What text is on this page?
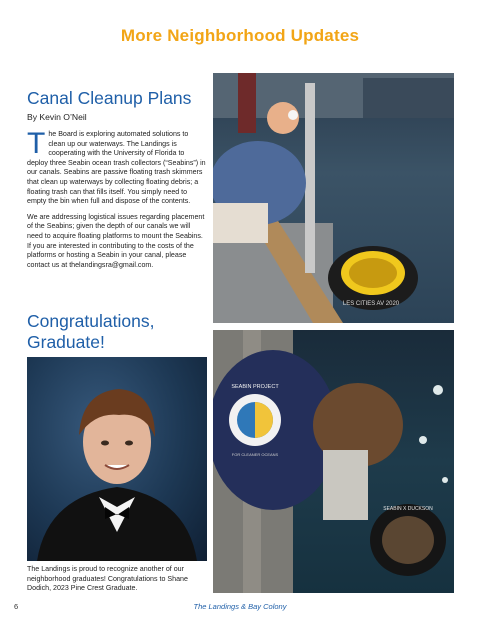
More Neighborhood Updates
Canal Cleanup Plans
By Kevin O’Neil

The Board is exploring automated solutions to clean up our waterways. The Landings is cooperating with the University of Florida to deploy three Seabin ocean trash collectors (“Seabins”) in our canals. Seabins are passive floating trash skimmers that clean up waterways by collecting floating debris; a floating trash can that fills itself. You simply need to empty the bin when full and dispose of the contents.

We are addressing logistical issues regarding placement of the Seabins; given the depth of our canals we will need to acquire floating platforms to mount the Seabins. If you are interested in contributing to the costs of the platforms or hosting a Seabin in your canal, please contact us at thelandingsra@gmail.com.

Congratulations, Graduate!
LES CITIES AV 2020
SEABIN PROJECT
FOR CLEANER OCEANS
SEABIN X DUCKSON

The Landings is proud to recognize another of our neighborhood graduates! Congratulations to Shane Dodich, 2023 Pine Crest Graduate.

6	The Landings & Bay Colony
